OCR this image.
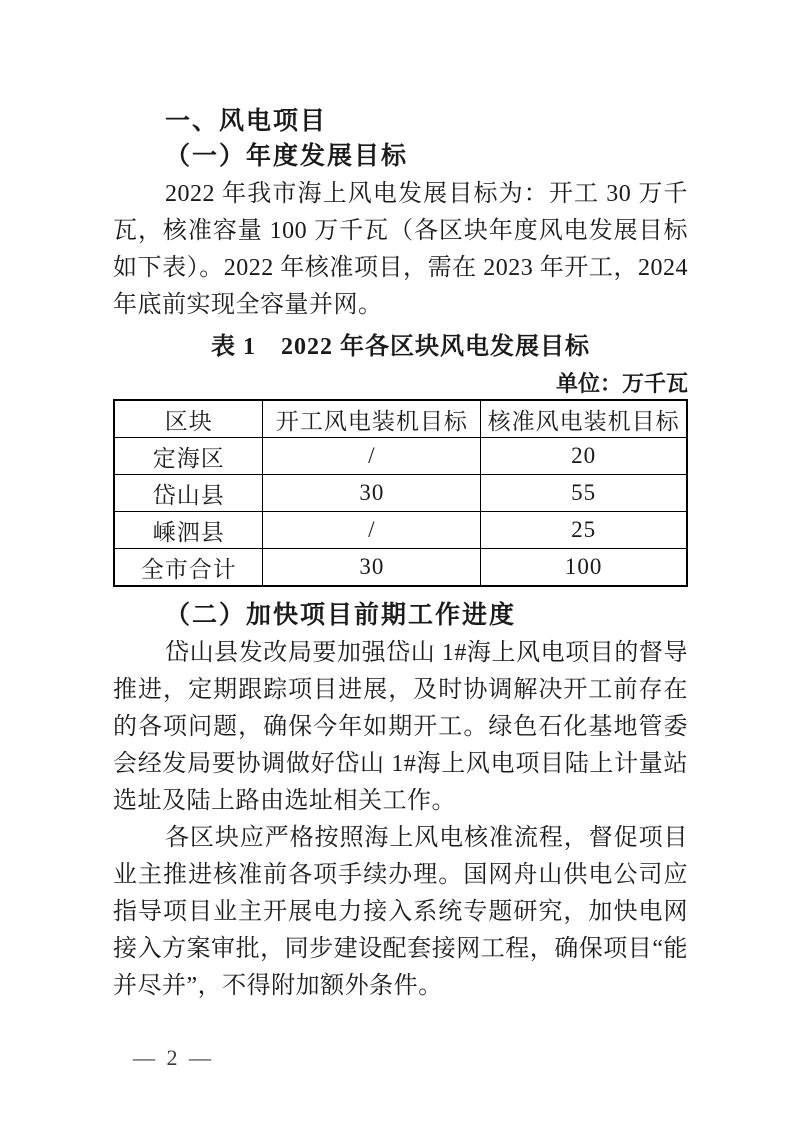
一、风电项目
（一）年度发展目标

2022 年我市海上风电发展目标为：开工 30 万千瓦，核准容量 100 万千瓦（各区块年度风电发展目标如下表）。2022 年核准项目，需在 2023 年开工，2024 年底前实现全容量并网。

表 1　2022 年各区块风电发展目标
单位：万千瓦
区块	开工风电装机目标	核准风电装机目标
定海区	/	20
岱山县	30	55
嵊泗县	/	25
全市合计	30	100
（二）加快项目前期工作进度

岱山县发改局要加强岱山 1#海上风电项目的督导推进，定期跟踪项目进展，及时协调解决开工前存在的各项问题，确保今年如期开工。绿色石化基地管委会经发局要协调做好岱山 1#海上风电项目陆上计量站选址及陆上路由选址相关工作。

各区块应严格按照海上风电核准流程，督促项目业主推进核准前各项手续办理。国网舟山供电公司应指导项目业主开展电力接入系统专题研究，加快电网接入方案审批，同步建设配套接网工程，确保项目“能并尽并”，不得附加额外条件。

— 2 —
